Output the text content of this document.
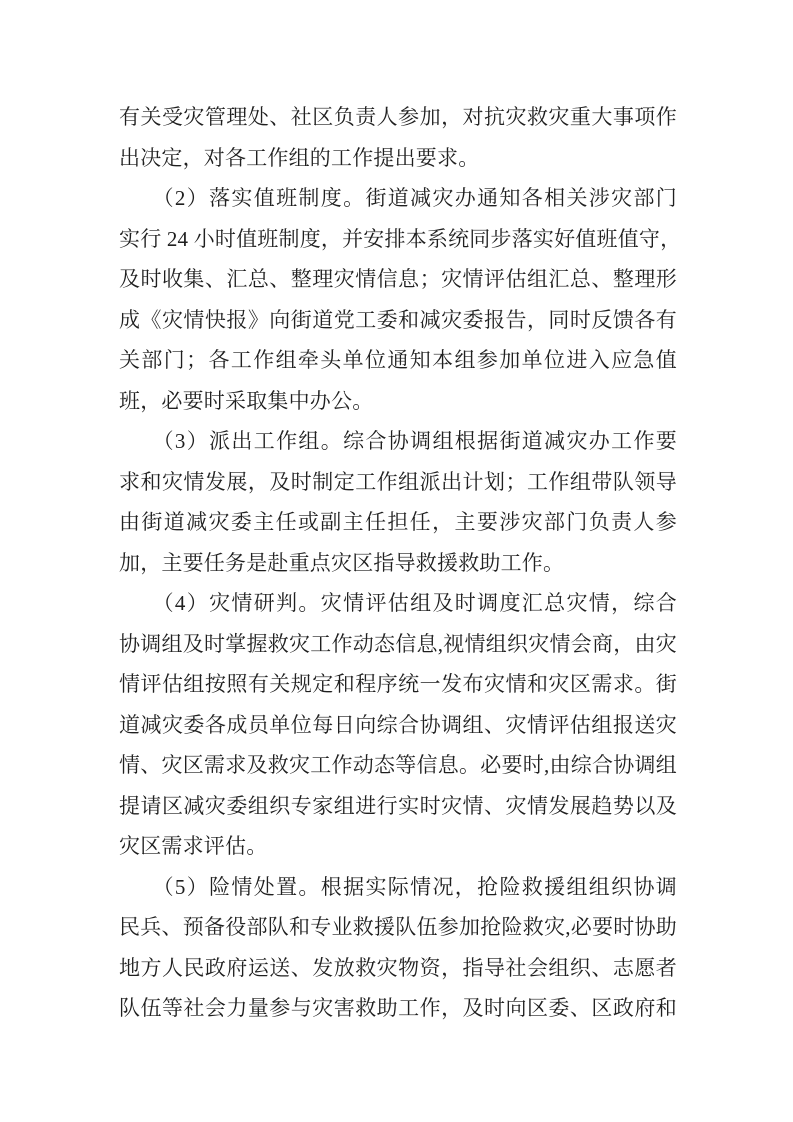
有关受灾管理处、社区负责人参加，对抗灾救灾重大事项作
出决定，对各工作组的工作提出要求。
（2）落实值班制度。街道减灾办通知各相关涉灾部门
实行 24 小时值班制度，并安排本系统同步落实好值班值守，
及时收集、汇总、整理灾情信息；灾情评估组汇总、整理形
成《灾情快报》向街道党工委和减灾委报告，同时反馈各有
关部门；各工作组牵头单位通知本组参加单位进入应急值
班，必要时采取集中办公。
（3）派出工作组。综合协调组根据街道减灾办工作要
求和灾情发展，及时制定工作组派出计划；工作组带队领导
由街道减灾委主任或副主任担任，主要涉灾部门负责人参
加，主要任务是赴重点灾区指导救援救助工作。
（4）灾情研判。灾情评估组及时调度汇总灾情，综合
协调组及时掌握救灾工作动态信息,视情组织灾情会商，由灾
情评估组按照有关规定和程序统一发布灾情和灾区需求。街
道减灾委各成员单位每日向综合协调组、灾情评估组报送灾
情、灾区需求及救灾工作动态等信息。必要时,由综合协调组
提请区减灾委组织专家组进行实时灾情、灾情发展趋势以及
灾区需求评估。
（5）险情处置。根据实际情况，抢险救援组组织协调
民兵、预备役部队和专业救援队伍参加抢险救灾,必要时协助
地方人民政府运送、发放救灾物资，指导社会组织、志愿者
队伍等社会力量参与灾害救助工作，及时向区委、区政府和
